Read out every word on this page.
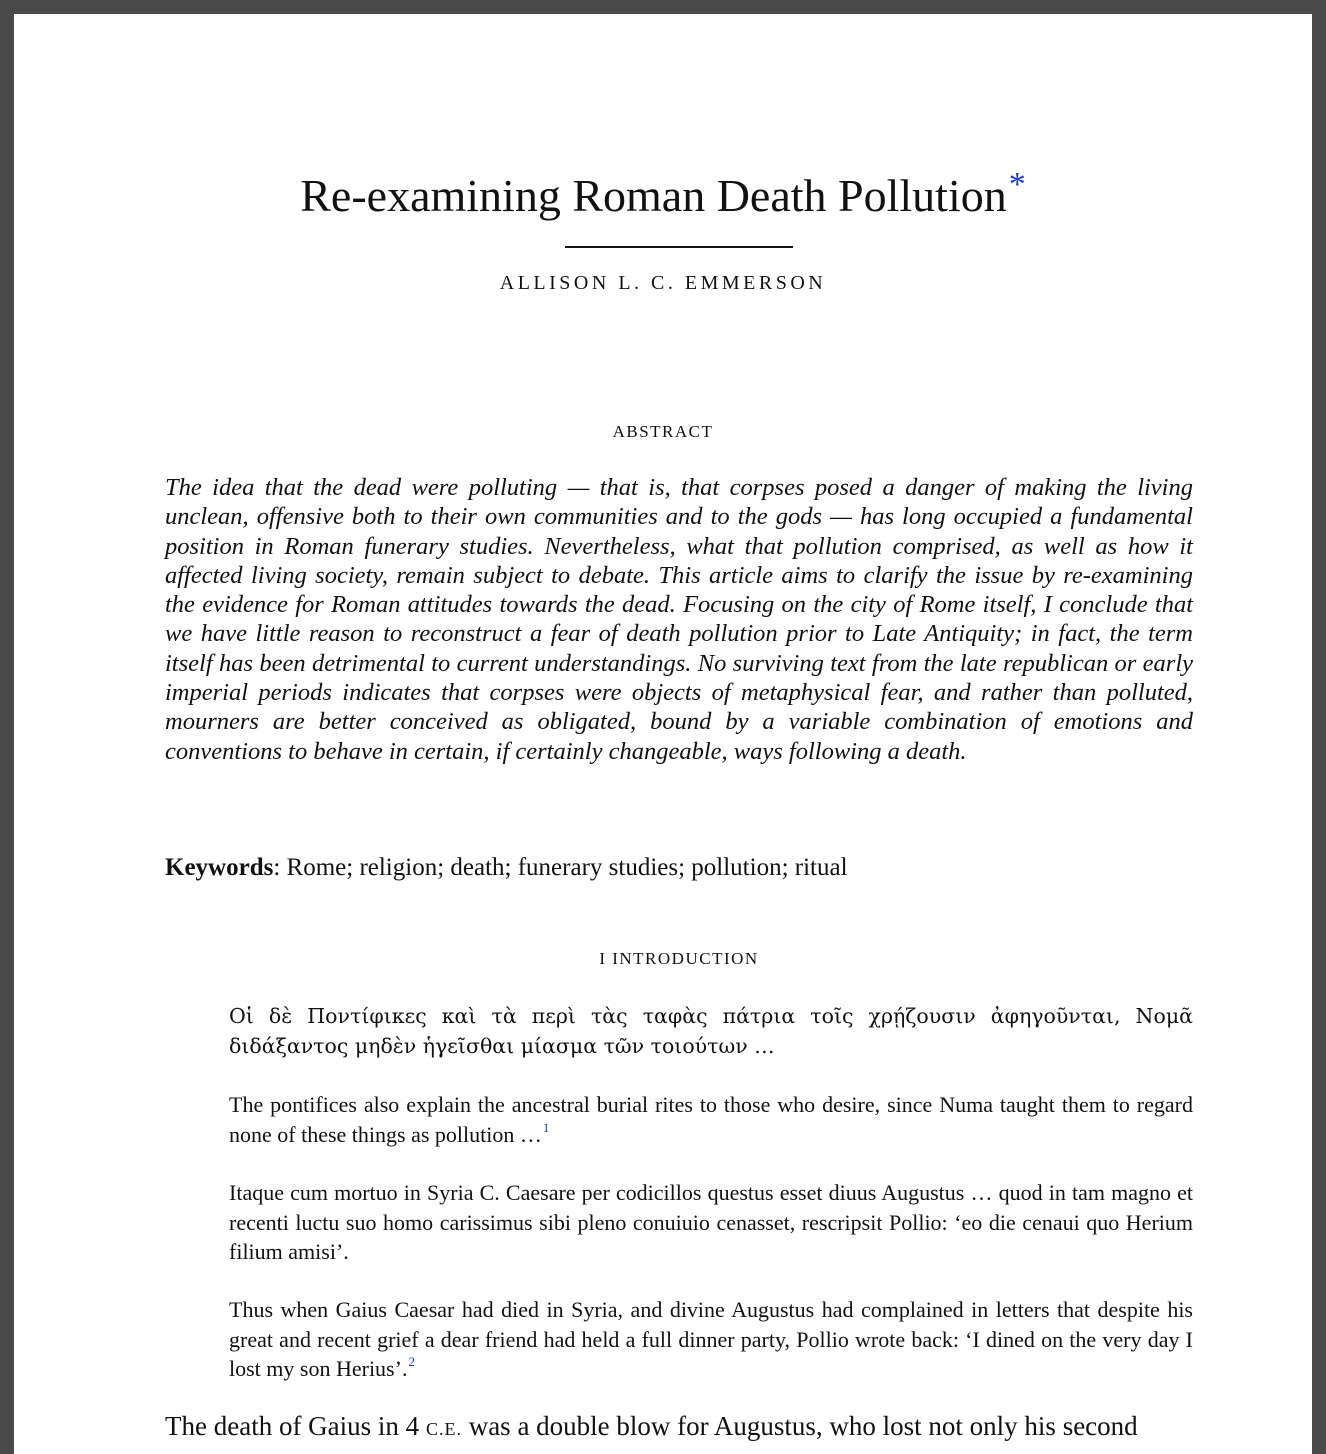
Re-examining Roman Death Pollution*
ALLISON L. C. EMMERSON
ABSTRACT

The idea that the dead were polluting — that is, that corpses posed a danger of making the living unclean, offensive both to their own communities and to the gods — has long occupied a fundamental position in Roman funerary studies. Nevertheless, what that pollution comprised, as well as how it affected living society, remain subject to debate. This article aims to clarify the issue by re-examining the evidence for Roman attitudes towards the dead. Focusing on the city of Rome itself, I conclude that we have little reason to reconstruct a fear of death pollution prior to Late Antiquity; in fact, the term itself has been detrimental to current understandings. No surviving text from the late republican or early imperial periods indicates that corpses were objects of metaphysical fear, and rather than polluted, mourners are better conceived as obligated, bound by a variable combination of emotions and conventions to behave in certain, if certainly changeable, ways following a death.

Keywords: Rome; religion; death; funerary studies; pollution; ritual

I INTRODUCTION

Οἱ δὲ Ποντίφικες καὶ τὰ περὶ τὰς ταφὰς πάτρια τοῖς χρῄζουσιν ἀφηγοῦνται, Νομᾶ διδάξαντος μηδὲν ἡγεῖσθαι μίασμα τῶν τοιούτων …

The pontifices also explain the ancestral burial rites to those who desire, since Numa taught them to regard none of these things as pollution …$^1$

Itaque cum mortuo in Syria C. Caesare per codicillos questus esset diuus Augustus … quod in tam magno et recenti luctu suo homo carissimus sibi pleno conuiuio cenasset, rescripsit Pollio: ‘eo die cenaui quo Herium filium amisi’.

Thus when Gaius Caesar had died in Syria, and divine Augustus had complained in letters that despite his great and recent grief a dear friend had held a full dinner party, Pollio wrote back: ‘I dined on the very day I lost my son Herius’.$^2$

The death of Gaius in 4 C.E. was a double blow for Augustus, who lost not only his second
